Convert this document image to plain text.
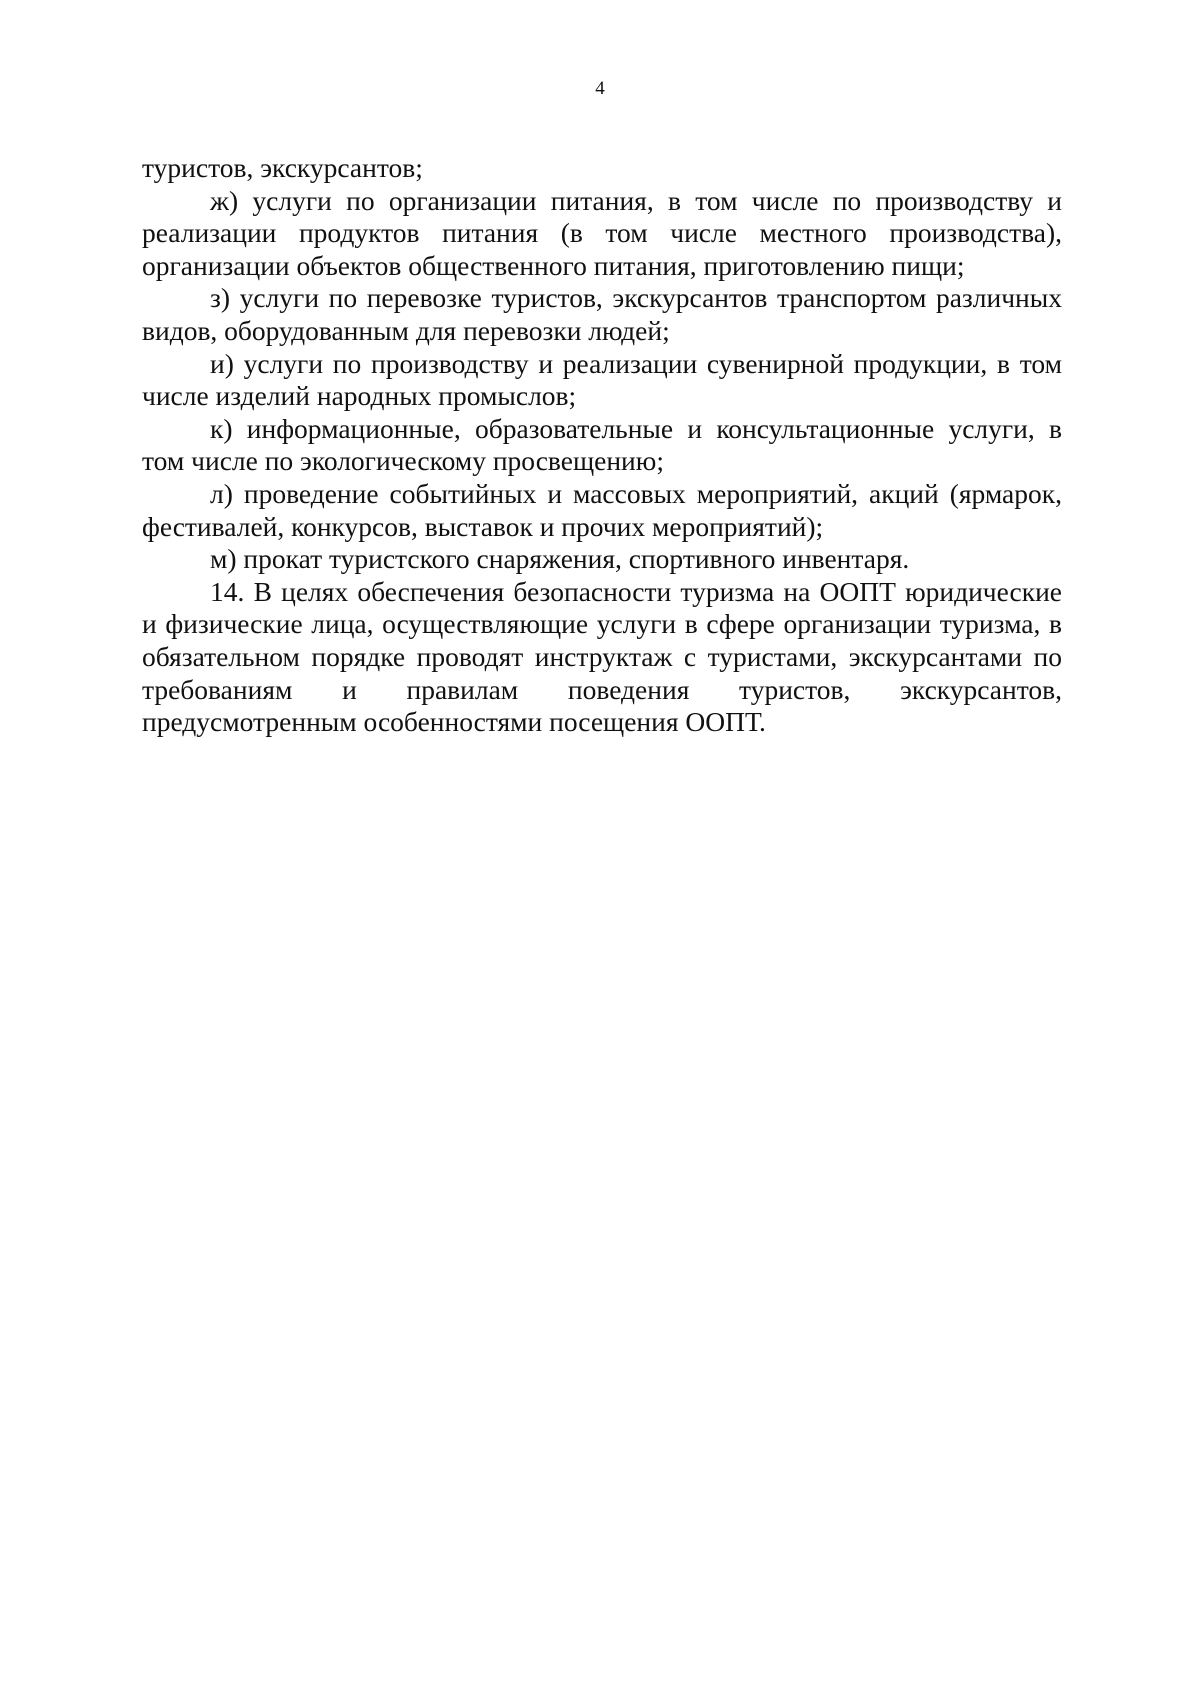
4

туристов, экскурсантов;

ж) услуги по организации питания, в том числе по производству и реализации продуктов питания (в том числе местного производства), организации объектов общественного питания, приготовлению пищи;

з) услуги по перевозке туристов, экскурсантов транспортом различных видов, оборудованным для перевозки людей;

и) услуги по производству и реализации сувенирной продукции, в том числе изделий народных промыслов;

к) информационные, образовательные и консультационные услуги, в том числе по экологическому просвещению;

л) проведение событийных и массовых мероприятий, акций (ярмарок, фестивалей, конкурсов, выставок и прочих мероприятий);

м) прокат туристского снаряжения, спортивного инвентаря.

14. В целях обеспечения безопасности туризма на ООПТ юридические и физические лица, осуществляющие услуги в сфере организации туризма, в обязательном порядке проводят инструктаж с туристами, экскурсантами по требованиям и правилам поведения туристов, экскурсантов, предусмотренным особенностями посещения ООПТ.
